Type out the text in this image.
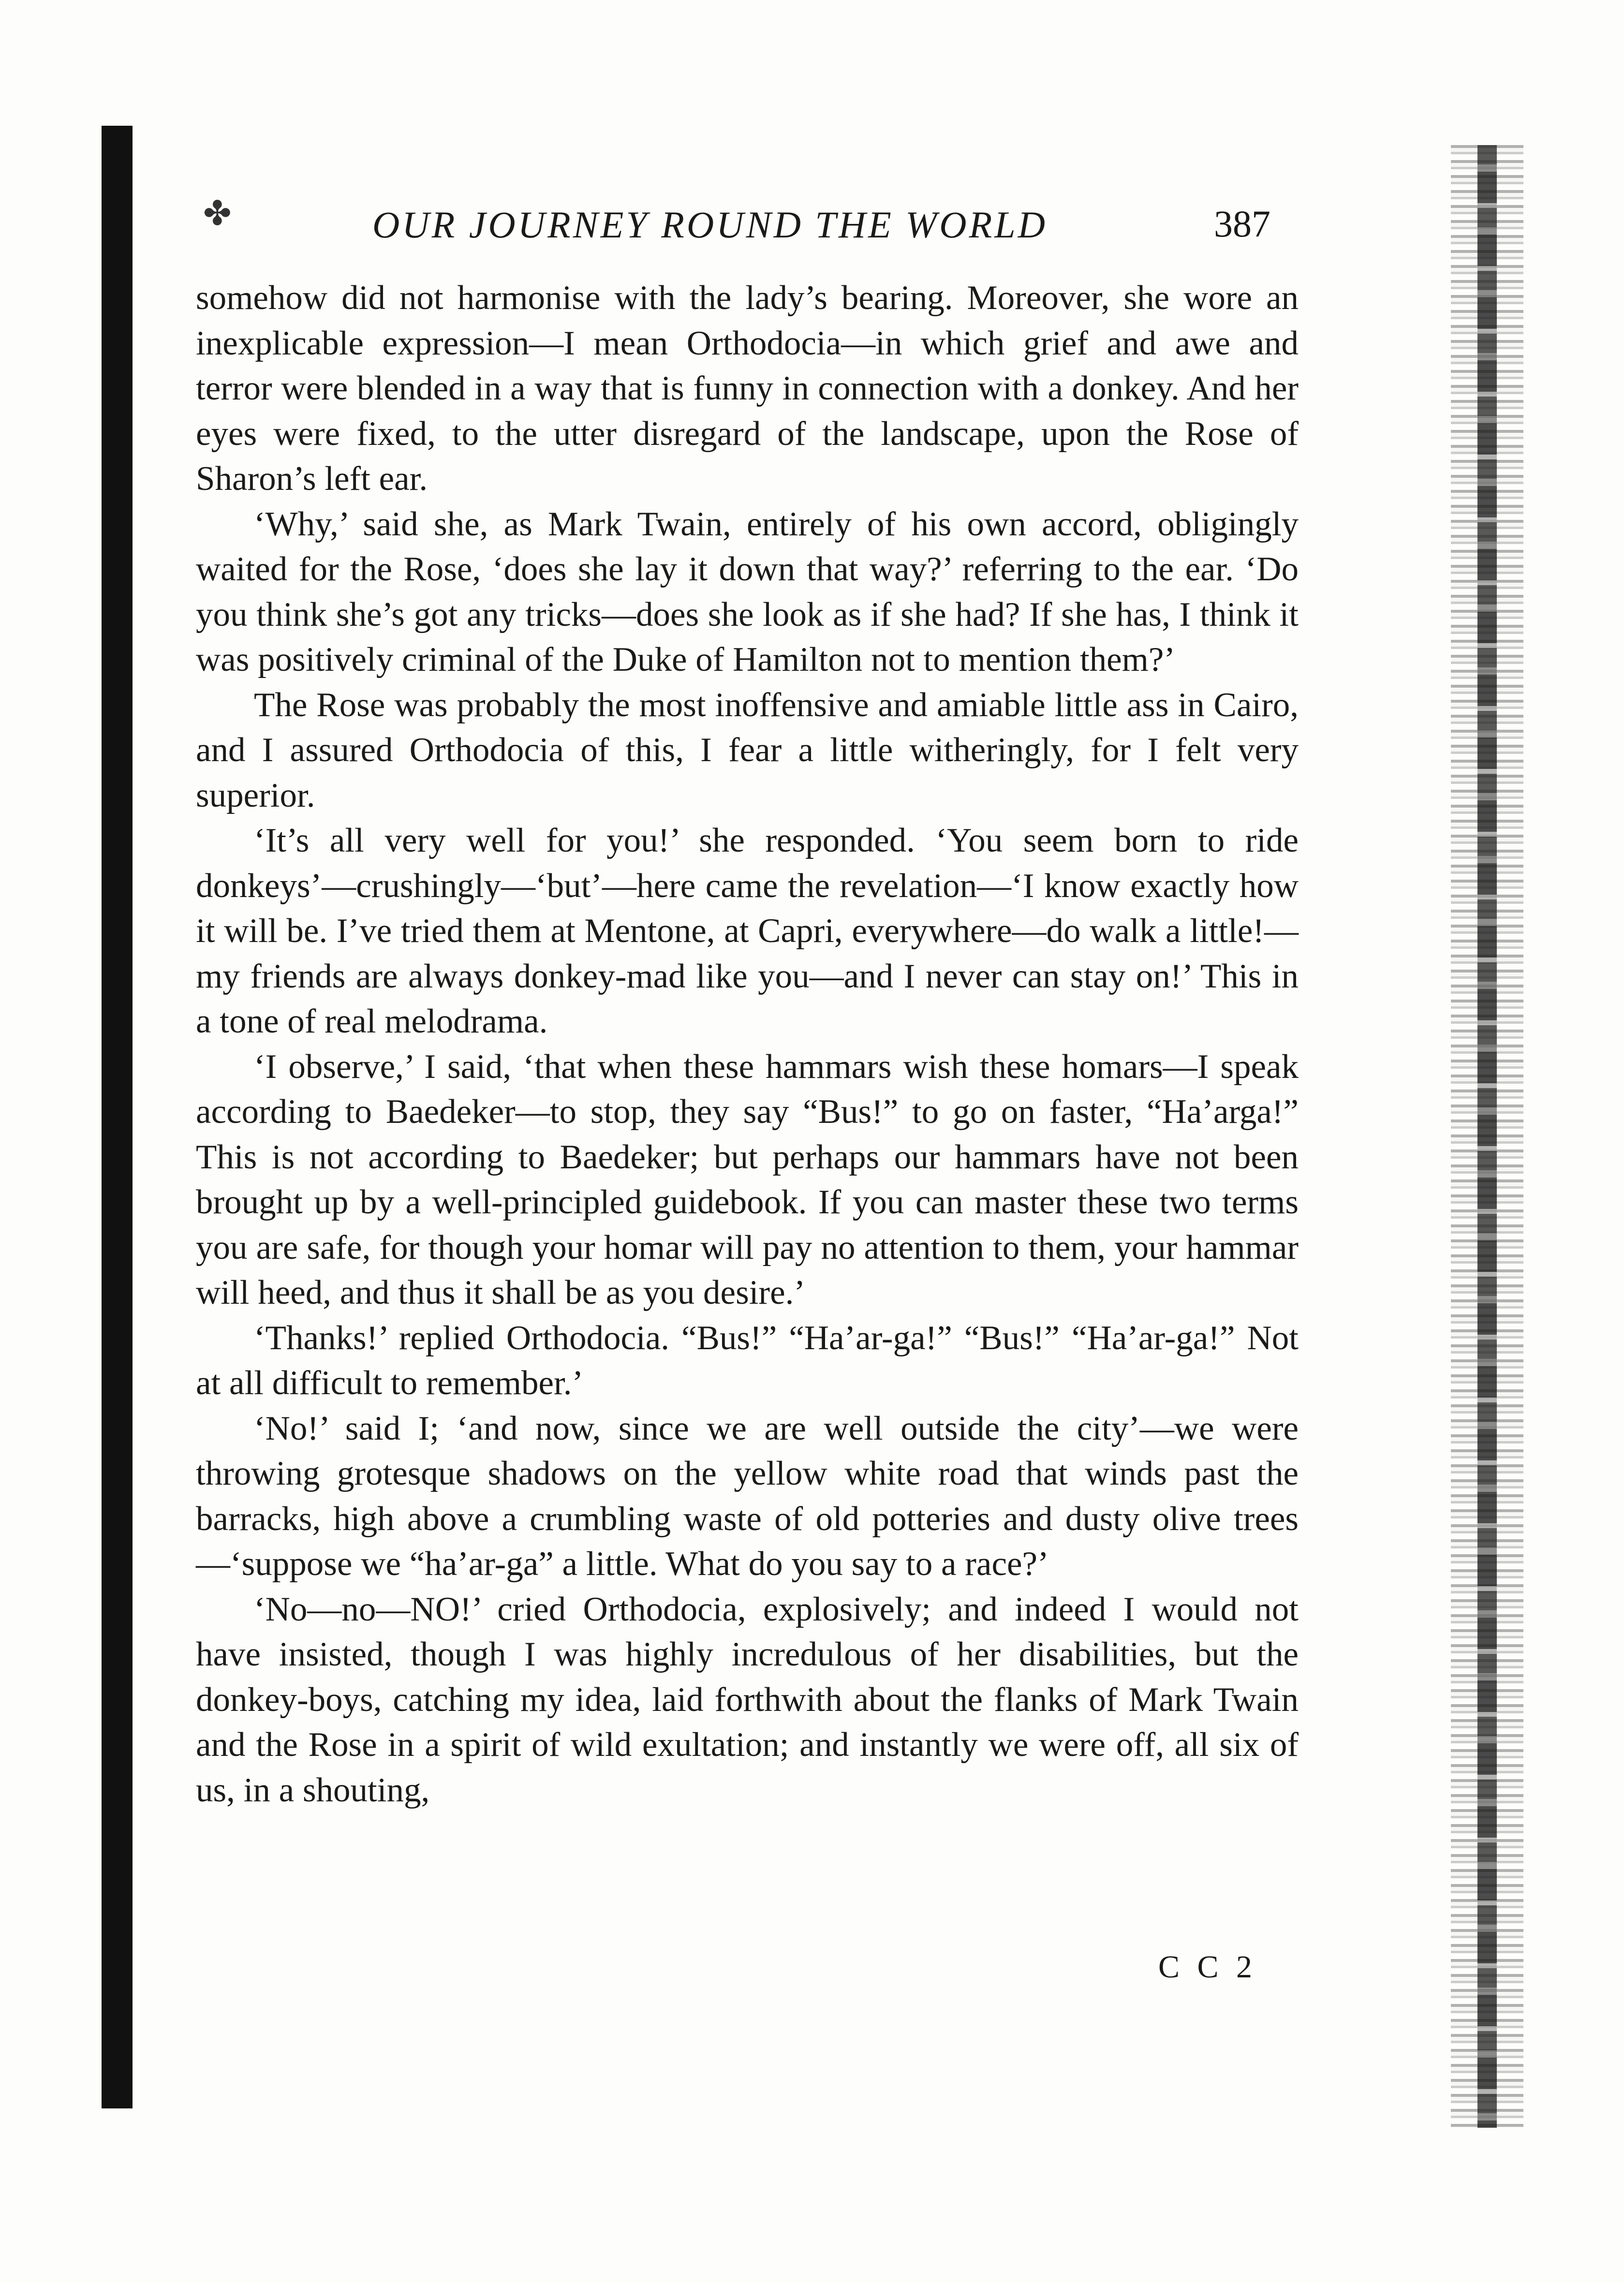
✤	OUR JOURNEY ROUND THE WORLD	387

somehow did not harmonise with the lady’s bearing. Moreover, she wore an inexplicable expression—I mean Orthodocia—in which grief and awe and terror were blended in a way that is funny in connection with a donkey. And her eyes were fixed, to the utter disregard of the landscape, upon the Rose of Sharon’s left ear.

‘Why,’ said she, as Mark Twain, entirely of his own accord, obligingly waited for the Rose, ‘does she lay it down that way?’ referring to the ear. ‘Do you think she’s got any tricks—does she look as if she had? If she has, I think it was positively criminal of the Duke of Hamilton not to mention them?’

The Rose was probably the most inoffensive and amiable little ass in Cairo, and I assured Orthodocia of this, I fear a little witheringly, for I felt very superior.

‘It’s all very well for you!’ she responded. ‘You seem born to ride donkeys’—crushingly—‘but’—here came the revelation—‘I know exactly how it will be. I’ve tried them at Mentone, at Capri, everywhere—do walk a little!—my friends are always donkey-mad like you—and I never can stay on!’ This in a tone of real melodrama.

‘I observe,’ I said, ‘that when these hammars wish these homars—I speak according to Baedeker—to stop, they say “Bus!” to go on faster, “Ha’arga!” This is not according to Baedeker; but perhaps our hammars have not been brought up by a well-principled guidebook. If you can master these two terms you are safe, for though your homar will pay no attention to them, your hammar will heed, and thus it shall be as you desire.’

‘Thanks!’ replied Orthodocia. “Bus!” “Ha’ar-ga!” “Bus!” “Ha’ar-ga!” Not at all difficult to remember.’

‘No!’ said I; ‘and now, since we are well outside the city’—we were throwing grotesque shadows on the yellow white road that winds past the barracks, high above a crumbling waste of old potteries and dusty olive trees—‘suppose we “ha’ar-ga” a little. What do you say to a race?’

‘No—no—NO!’ cried Orthodocia, explosively; and indeed I would not have insisted, though I was highly incredulous of her disabilities, but the donkey-boys, catching my idea, laid forthwith about the flanks of Mark Twain and the Rose in a spirit of wild exultation; and instantly we were off, all six of us, in a shouting,

C C 2
